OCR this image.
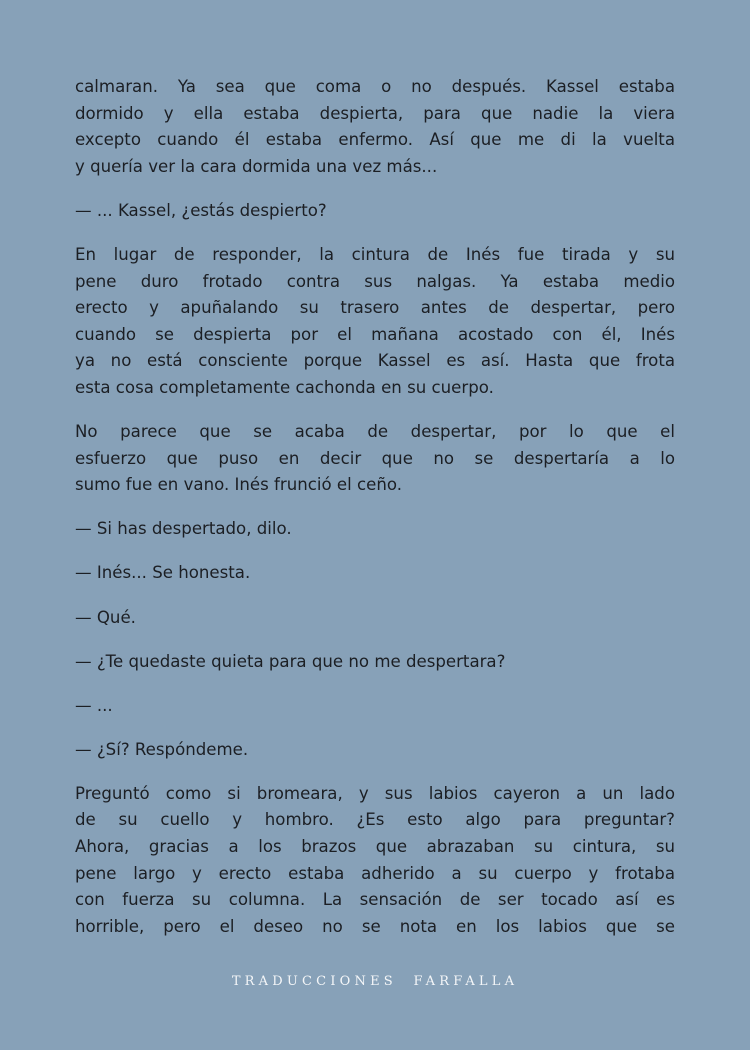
calmaran. Ya sea que coma o no después. Kassel estaba
dormido y ella estaba despierta, para que nadie la viera
excepto cuando él estaba enfermo. Así que me di la vuelta
y quería ver la cara dormida una vez más...
— ... Kassel, ¿estás despierto?
En lugar de responder, la cintura de Inés fue tirada y su
pene duro frotado contra sus nalgas. Ya estaba medio
erecto y apuñalando su trasero antes de despertar, pero
cuando se despierta por el mañana acostado con él, Inés
ya no está consciente porque Kassel es así. Hasta que frota
esta cosa completamente cachonda en su cuerpo.
No parece que se acaba de despertar, por lo que el
esfuerzo que puso en decir que no se despertaría a lo
sumo fue en vano. Inés frunció el ceño.
— Si has despertado, dilo.
— Inés... Se honesta.
— Qué.
— ¿Te quedaste quieta para que no me despertara?
— ...
— ¿Sí? Respóndeme.
Preguntó como si bromeara, y sus labios cayeron a un lado
de su cuello y hombro. ¿Es esto algo para preguntar?
Ahora, gracias a los brazos que abrazaban su cintura, su
pene largo y erecto estaba adherido a su cuerpo y frotaba
con fuerza su columna. La sensación de ser tocado así es
horrible, pero el deseo no se nota en los labios que se
TRADUCCIONES  FARFALLA
